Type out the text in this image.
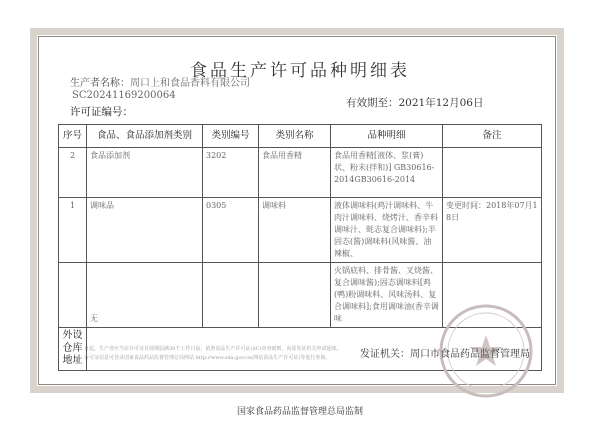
食品生产许可品种明细表
生产者名称：周口上和食品香料有限公司
SC20241169200064
许可证编号：
有效期至：2021年12月06日
序号	食品、食品添加剂类别	类别编号	类别名称	品种明细	备注
2	食品添加剂	3202	食品用香精	食品用香精[液体、浆(膏)状、粉末(拌和)] GB30616-2014GB30616-2014	
1	调味品	0305	调味料	液体调味料(鸡汁调味料、牛肉汁调味料、烧烤汁、香辛料调味汁、蚝志复合调味料);半固态(酱)调味料(风味酱、油辣椒、	变更时间：2018年07月18日
	无			火锅底料、排骨酱、叉烧酱、复合调味酱);固态调味料[鸡(鸭)粉调味料、风味汤料、复合调味料];食用调味油(香辛调味	
外设仓库地址					
日起，生产者应当在许可证有效期届满30个工作日前，依照食品生产许可证(SC)审查细则，向原发证机关申请延续。
许可证信息可登录国家食品药品监督管理总局网站 http://www.sda.gov.cn(网站食品生产许可证)等进行查询。	发证机关：周口市食品药品监督管理局
国家食品药品监督管理总局监制
